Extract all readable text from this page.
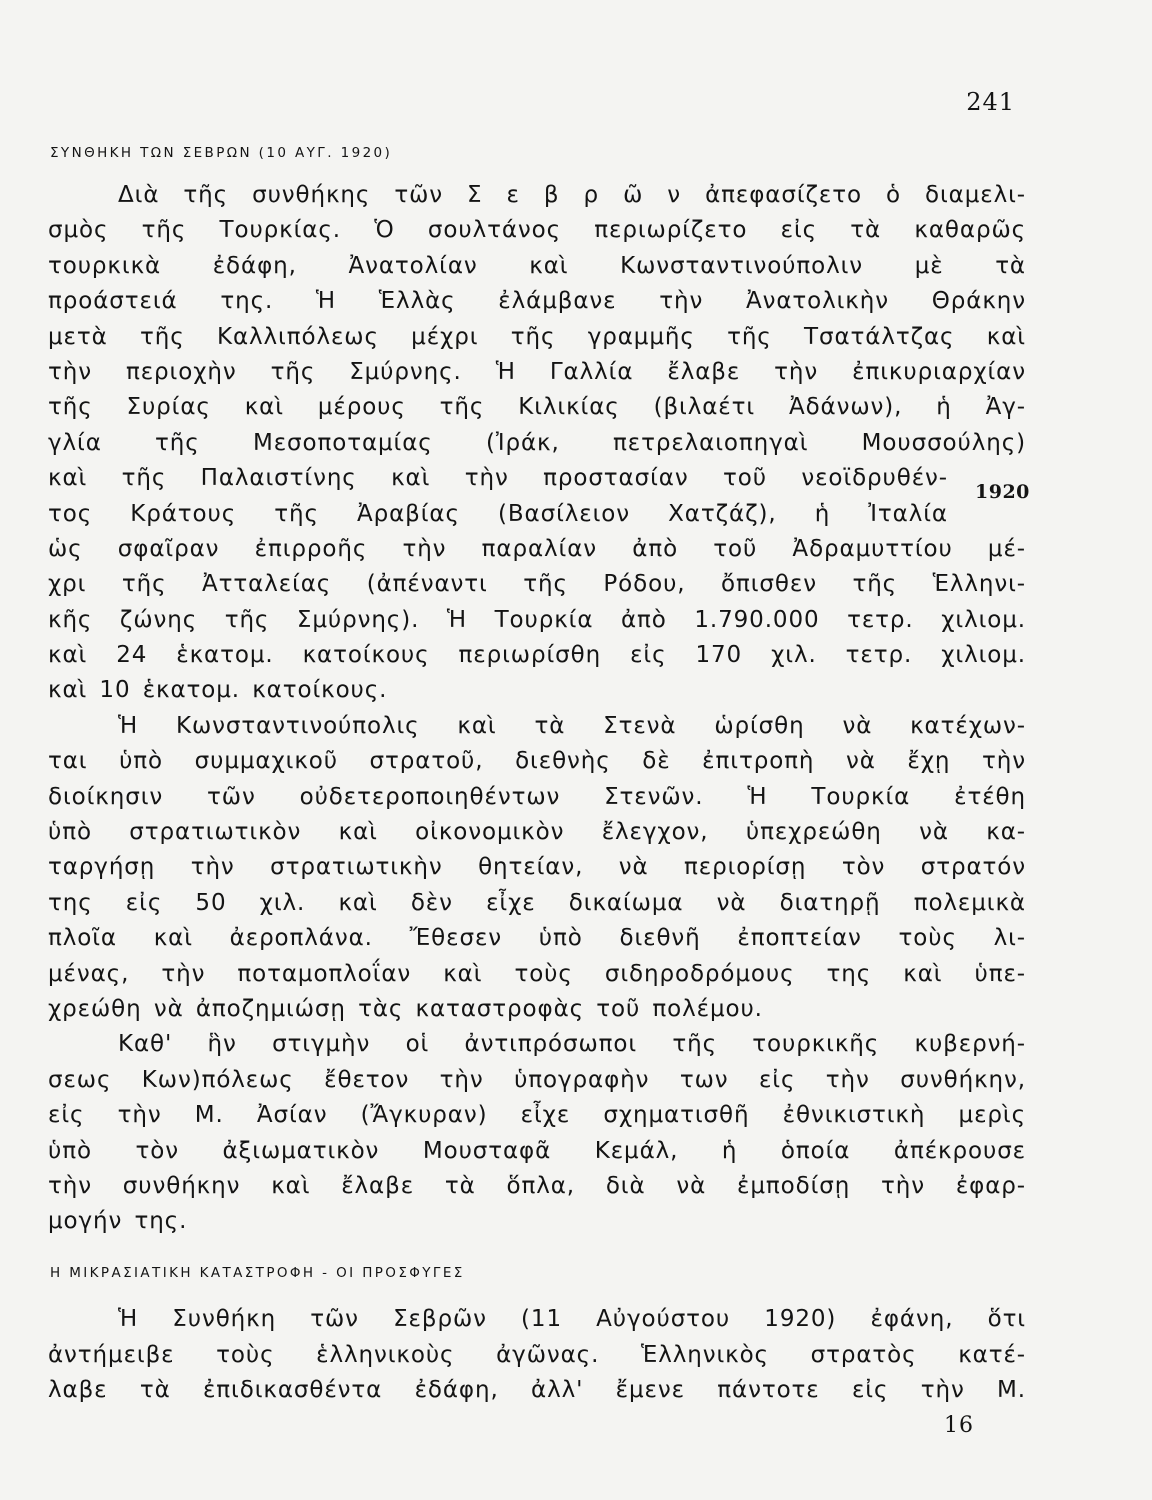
241
ΣΥΝΘΗΚΗ ΤΩΝ ΣΕΒΡΩΝ (10 ΑΥΓ. 1920)
Διὰ τῆς συνθήκης τῶν Σ ε β ρ ῶ ν ἀπεφασίζετο ὁ διαμελι-
σμὸς τῆς Τουρκίας. Ὁ σουλτάνος περιωρίζετο εἰς τὰ καθαρῶς
τουρκικὰ ἐδάφη, Ἀνατολίαν καὶ Κωνσταντινούπολιν μὲ τὰ
προάστειά της. Ἡ Ἑλλὰς ἐλάμβανε τὴν Ἀνατολικὴν Θράκην
μετὰ τῆς Καλλιπόλεως μέχρι τῆς γραμμῆς τῆς Τσατάλτζας καὶ
τὴν περιοχὴν τῆς Σμύρνης. Ἡ Γαλλία ἔλαβε τὴν ἐπικυριαρχίαν
τῆς Συρίας καὶ μέρους τῆς Κιλικίας (βιλαέτι Ἀδάνων), ἡ Ἀγ-
γλία τῆς Μεσοποταμίας (Ἰράκ, πετρελαιοπηγαὶ Μουσσούλης)
καὶ τῆς Παλαιστίνης καὶ τὴν προστασίαν τοῦ νεοϊδρυθέν-
τος Κράτους τῆς Ἀραβίας (Βασίλειον Χατζάζ), ἡ Ἰταλία
ὡς σφαῖραν ἐπιρροῆς τὴν παραλίαν ἀπὸ τοῦ Ἀδραμυττίου μέ-
χρι τῆς Ἀτταλείας (ἀπέναντι τῆς Ρόδου, ὄπισθεν τῆς Ἑλληνι-
κῆς ζώνης τῆς Σμύρνης). Ἡ Τουρκία ἀπὸ 1.790.000 τετρ. χιλιομ.
καὶ 24 ἑκατομ. κατοίκους περιωρίσθη εἰς 170 χιλ. τετρ. χιλιομ.
καὶ 10 ἑκατομ. κατοίκους.
Ἡ Κωνσταντινούπολις καὶ τὰ Στενὰ ὡρίσθη νὰ κατέχων-
ται ὑπὸ συμμαχικοῦ στρατοῦ, διεθνὴς δὲ ἐπιτροπὴ νὰ ἔχῃ τὴν
διοίκησιν τῶν οὐδετεροποιηθέντων Στενῶν. Ἡ Τουρκία ἐτέθη
ὑπὸ στρατιωτικὸν καὶ οἰκονομικὸν ἔλεγχον, ὑπεχρεώθη νὰ κα-
ταργήσῃ τὴν στρατιωτικὴν θητείαν, νὰ περιορίσῃ τὸν στρατόν
της εἰς 50 χιλ. καὶ δὲν εἶχε δικαίωμα νὰ διατηρῇ πολεμικὰ
πλοῖα καὶ ἀεροπλάνα. Ἔθεσεν ὑπὸ διεθνῆ ἐποπτείαν τοὺς λι-
μένας, τὴν ποταμοπλοΐαν καὶ τοὺς σιδηροδρόμους της καὶ ὑπε-
χρεώθη νὰ ἀποζημιώσῃ τὰς καταστροφὰς τοῦ πολέμου.
Καθ' ἣν στιγμὴν οἱ ἀντιπρόσωποι τῆς τουρκικῆς κυβερνή-
σεως Κων)πόλεως ἔθετον τὴν ὑπογραφὴν των εἰς τὴν συνθήκην,
εἰς τὴν Μ. Ἀσίαν (Ἄγκυραν) εἶχε σχηματισθῆ ἐθνικιστικὴ μερὶς
ὑπὸ τὸν ἀξιωματικὸν Μουσταφᾶ Κεμάλ, ἡ ὁποία ἀπέκρουσε
τὴν συνθήκην καὶ ἔλαβε τὰ ὅπλα, διὰ νὰ ἐμποδίσῃ τὴν ἐφαρ-
μογήν της.
1920
Η ΜΙΚΡΑΣΙΑΤΙΚΗ ΚΑΤΑΣΤΡΟΦΗ - ΟΙ ΠΡΟΣΦΥΓΕΣ
Ἡ Συνθήκη τῶν Σεβρῶν (11 Αὐγούστου 1920) ἐφάνη, ὅτι
ἀντήμειβε τοὺς ἑλληνικοὺς ἀγῶνας. Ἑλληνικὸς στρατὸς κατέ-
λαβε τὰ ἐπιδικασθέντα ἐδάφη, ἀλλ' ἔμενε πάντοτε εἰς τὴν Μ.
16
